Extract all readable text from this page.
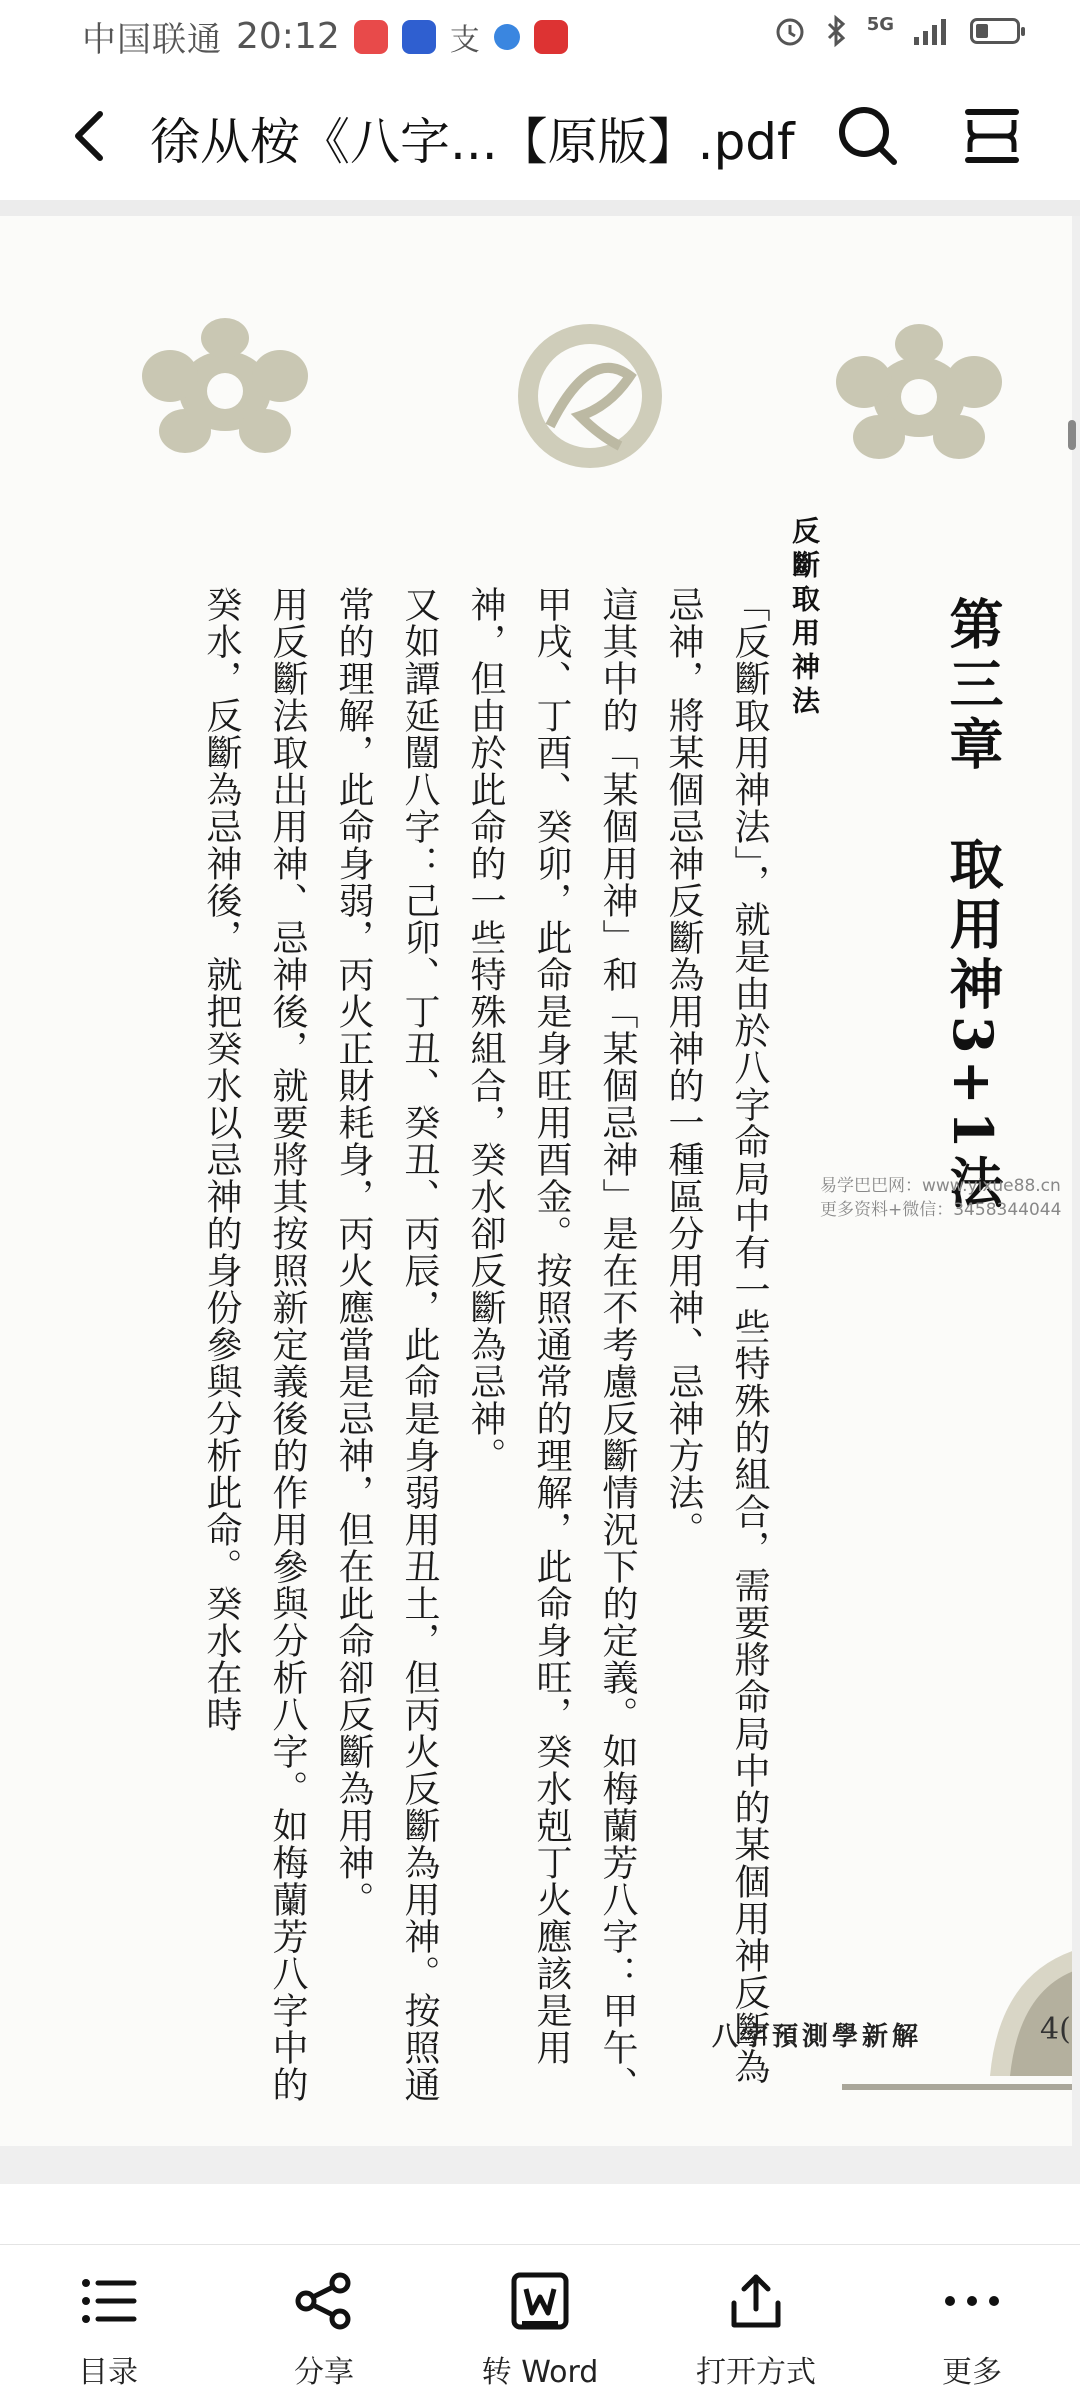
中国联通 20:12	支	5G
徐从桉《八字...【原版】.pdf
第三章　取用神3+1法
反斷取用神法

「反斷取用神法」，就是由於八字命局中有一些特殊的組合，需要將命局中的某個用神反斷為忌神，將某個忌神反斷為用神的一種區分用神、忌神方法。

這其中的「某個用神」和「某個忌神」是在不考慮反斷情況下的定義。如梅蘭芳八字：甲午、甲戌、丁酉、癸卯，此命是身旺用酉金。按照通常的理解，此命身旺，癸水剋丁火應該是用神，但由於此命的一些特殊組合，癸水卻反斷為忌神。

又如譚延闓八字：己卯、丁丑、癸丑、丙辰，此命是身弱用丑土，但丙火反斷為用神。按照通常的理解，此命身弱，丙火正財耗身，丙火應當是忌神，但在此命卻反斷為用神。

用反斷法取出用神、忌神後，就要將其按照新定義後的作用參與分析八字。如梅蘭芳八字中的癸水，反斷為忌神後，就把癸水以忌神的身份參與分析此命。癸水在時	易学巴巴网：www.yixue88.cn
更多资料+微信：3458344044
八字預測學新解	4(
目录	分享	转 Word	打开方式	更多
